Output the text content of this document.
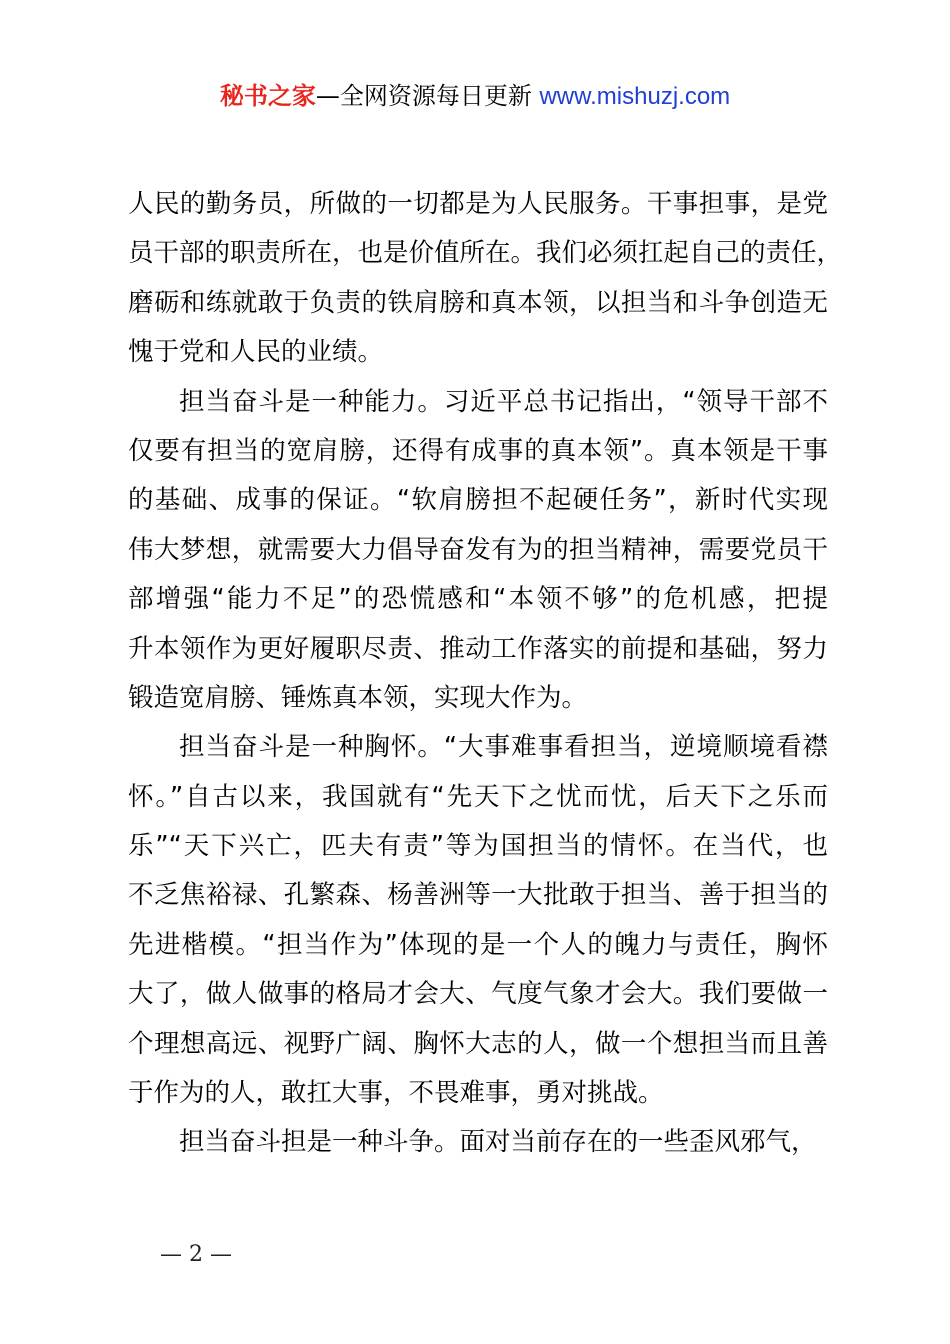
秘书之家—全网资源每日更新 www.mishuzj.com
人民的勤务员，所做的一切都是为人民服务。干事担事，是党
员干部的职责所在，也是价值所在。我们必须扛起自己的责任，
磨砺和练就敢于负责的铁肩膀和真本领，以担当和斗争创造无
愧于党和人民的业绩。
担当奋斗是一种能力。习近平总书记指出，“领导干部不
仅要有担当的宽肩膀，还得有成事的真本领”。真本领是干事
的基础、成事的保证。“软肩膀担不起硬任务”，新时代实现
伟大梦想，就需要大力倡导奋发有为的担当精神，需要党员干
部增强“能力不足”的恐慌感和“本领不够”的危机感，把提
升本领作为更好履职尽责、推动工作落实的前提和基础，努力
锻造宽肩膀、锤炼真本领，实现大作为。
担当奋斗是一种胸怀。“大事难事看担当，逆境顺境看襟
怀。”自古以来，我国就有“先天下之忧而忧，后天下之乐而
乐”“天下兴亡，匹夫有责”等为国担当的情怀。在当代，也
不乏焦裕禄、孔繁森、杨善洲等一大批敢于担当、善于担当的
先进楷模。“担当作为”体现的是一个人的魄力与责任，胸怀
大了，做人做事的格局才会大、气度气象才会大。我们要做一
个理想高远、视野广阔、胸怀大志的人，做一个想担当而且善
于作为的人，敢扛大事，不畏难事，勇对挑战。
担当奋斗担是一种斗争。面对当前存在的一些歪风邪气，
— 2 —
